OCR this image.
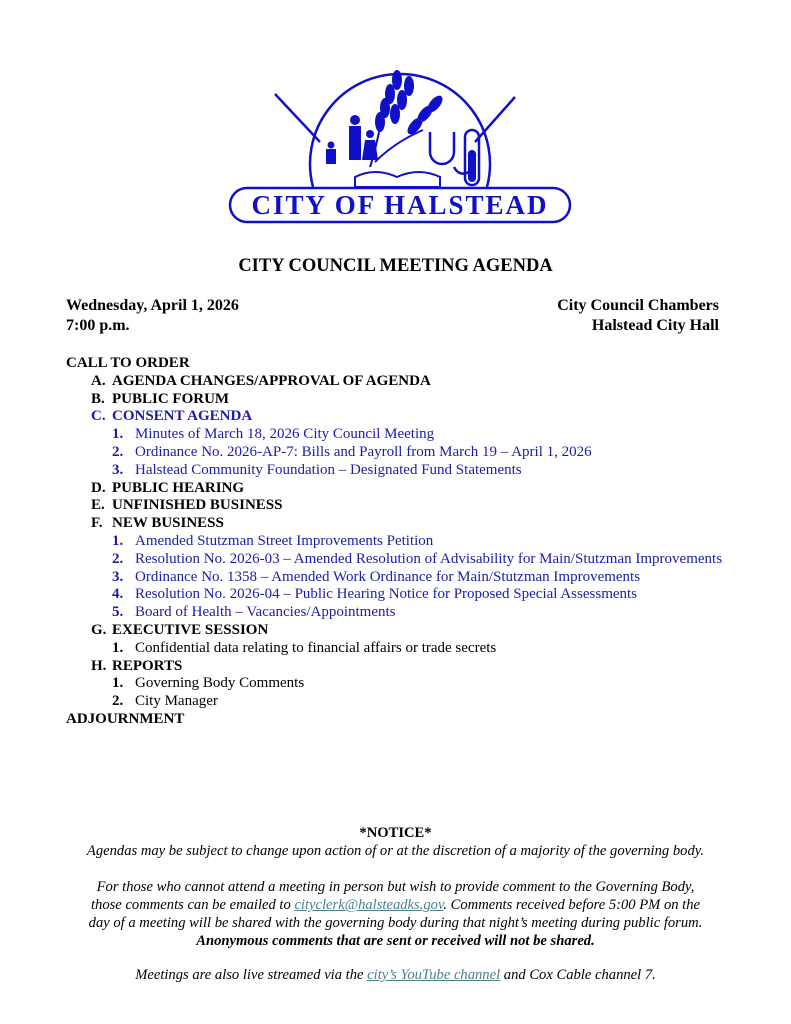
CITY OF HALSTEAD
CITY COUNCIL MEETING AGENDA
Wednesday, April 1, 2026
7:00 p.m.
City Council Chambers
Halstead City Hall
CALL TO ORDER
A. AGENDA CHANGES/APPROVAL OF AGENDA
B. PUBLIC FORUM
C. CONSENT AGENDA
1. Minutes of March 18, 2026 City Council Meeting
2. Ordinance No. 2026-AP-7: Bills and Payroll from March 19 – April 1, 2026
3. Halstead Community Foundation – Designated Fund Statements
D. PUBLIC HEARING
E. UNFINISHED BUSINESS
F. NEW BUSINESS
1. Amended Stutzman Street Improvements Petition
2. Resolution No. 2026-03 – Amended Resolution of Advisability for Main/Stutzman Improvements
3. Ordinance No. 1358 – Amended Work Ordinance for Main/Stutzman Improvements
4. Resolution No. 2026-04 – Public Hearing Notice for Proposed Special Assessments
5. Board of Health – Vacancies/Appointments
G. EXECUTIVE SESSION
1. Confidential data relating to financial affairs or trade secrets
H. REPORTS
1. Governing Body Comments
2. City Manager
ADJOURNMENT
*NOTICE*
Agendas may be subject to change upon action of or at the discretion of a majority of the governing body.
For those who cannot attend a meeting in person but wish to provide comment to the Governing Body,
those comments can be emailed to cityclerk@halsteadks.gov. Comments received before 5:00 PM on the
day of a meeting will be shared with the governing body during that night’s meeting during public forum.
Anonymous comments that are sent or received will not be shared.
Meetings are also live streamed via the city’s YouTube channel and Cox Cable channel 7.
